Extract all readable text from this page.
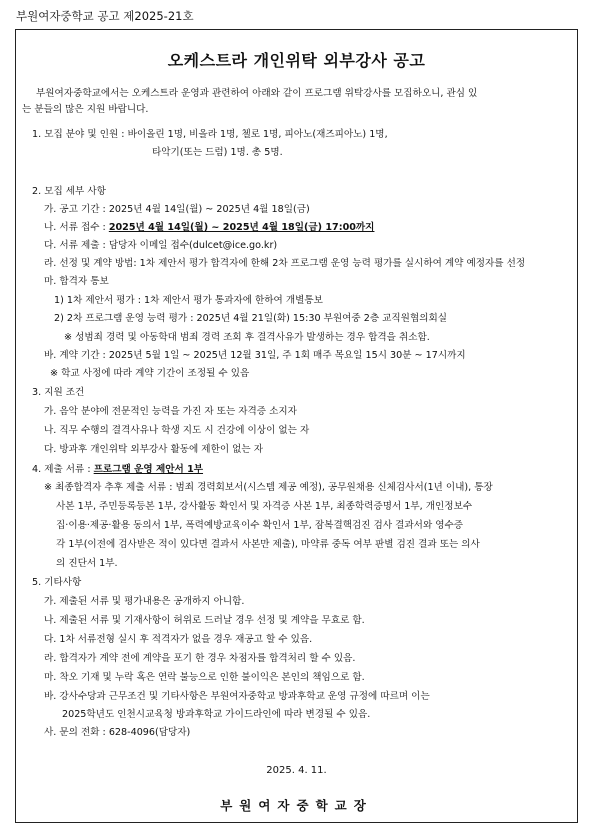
부원여자중학교 공고 제2025-21호
오케스트라 개인위탁 외부강사 공고
부원여자중학교에서는 오케스트라 운영과 관련하여 아래와 같이 프로그램 위탁강사를 모집하오니, 관심 있
는 분들의 많은 지원 바랍니다.
1. 모집 분야 및 인원 : 바이올린 1명, 비올라 1명, 첼로 1명, 피아노(재즈피아노) 1명,
타악기(또는 드럼) 1명. 총 5명.
2. 모집 세부 사항
가. 공고 기간 : 2025년 4월 14일(월) ~ 2025년 4월 18일(금)
나. 서류 접수 : 2025년 4월 14일(월) ~ 2025년 4월 18일(금) 17:00까지
다. 서류 제출 : 담당자 이메일 접수(dulcet@ice.go.kr)
라. 선정 및 계약 방법: 1차 제안서 평가 합격자에 한해 2차 프로그램 운영 능력 평가를 실시하여 계약 예정자를 선정
마. 합격자 통보
1) 1차 제안서 평가 : 1차 제안서 평가 통과자에 한하여 개별통보
2) 2차 프로그램 운영 능력 평가 : 2025년 4월 21일(화) 15:30 부원여중 2층 교직원협의회실
※ 성범죄 경력 및 아동학대 범죄 경력 조회 후 결격사유가 발생하는 경우 합격을 취소함.
바. 계약 기간 : 2025년 5월 1일 ~ 2025년 12월 31일, 주 1회 매주 목요일 15시 30분 ~ 17시까지
※ 학교 사정에 따라 계약 기간이 조정될 수 있음
3. 지원 조건
가. 음악 분야에 전문적인 능력을 가진 자 또는 자격증 소지자
나. 직무 수행의 결격사유나 학생 지도 시 건강에 이상이 없는 자
다. 방과후 개인위탁 외부강사 활동에 제한이 없는 자
4. 제출 서류 : 프로그램 운영 제안서 1부
※ 최종합격자 추후 제출 서류 : 범죄 경력회보서(시스템 제공 예정), 공무원채용 신체검사서(1년 이내), 통장
사본 1부, 주민등록등본 1부, 강사활동 확인서 및 자격증 사본 1부, 최종학력증명서 1부, 개인정보수
집·이용·제공·활용 동의서 1부, 폭력예방교육이수 확인서 1부, 잠복결핵검진 검사 결과서와 영수증
각 1부(이전에 검사받은 적이 있다면 결과서 사본만 제출), 마약류 중독 여부 판별 검진 결과 또는 의사
의 진단서 1부.
5. 기타사항
가. 제출된 서류 및 평가내용은 공개하지 아니함.
나. 제출된 서류 및 기재사항이 허위로 드러날 경우 선정 및 계약을 무효로 함.
다. 1차 서류전형 실시 후 적격자가 없을 경우 재공고 할 수 있음.
라. 합격자가 계약 전에 계약을 포기 한 경우 차점자를 합격처리 할 수 있음.
마. 착오 기재 및 누락 혹은 연락 불능으로 인한 불이익은 본인의 책임으로 함.
바. 강사수당과 근무조건 및 기타사항은 부원여자중학교 방과후학교 운영 규정에 따르며 이는
2025학년도 인천시교육청 방과후학교 가이드라인에 따라 변경될 수 있음.
사. 문의 전화 : 628-4096(담당자)
2025. 4. 11.
부원여자중학교장
